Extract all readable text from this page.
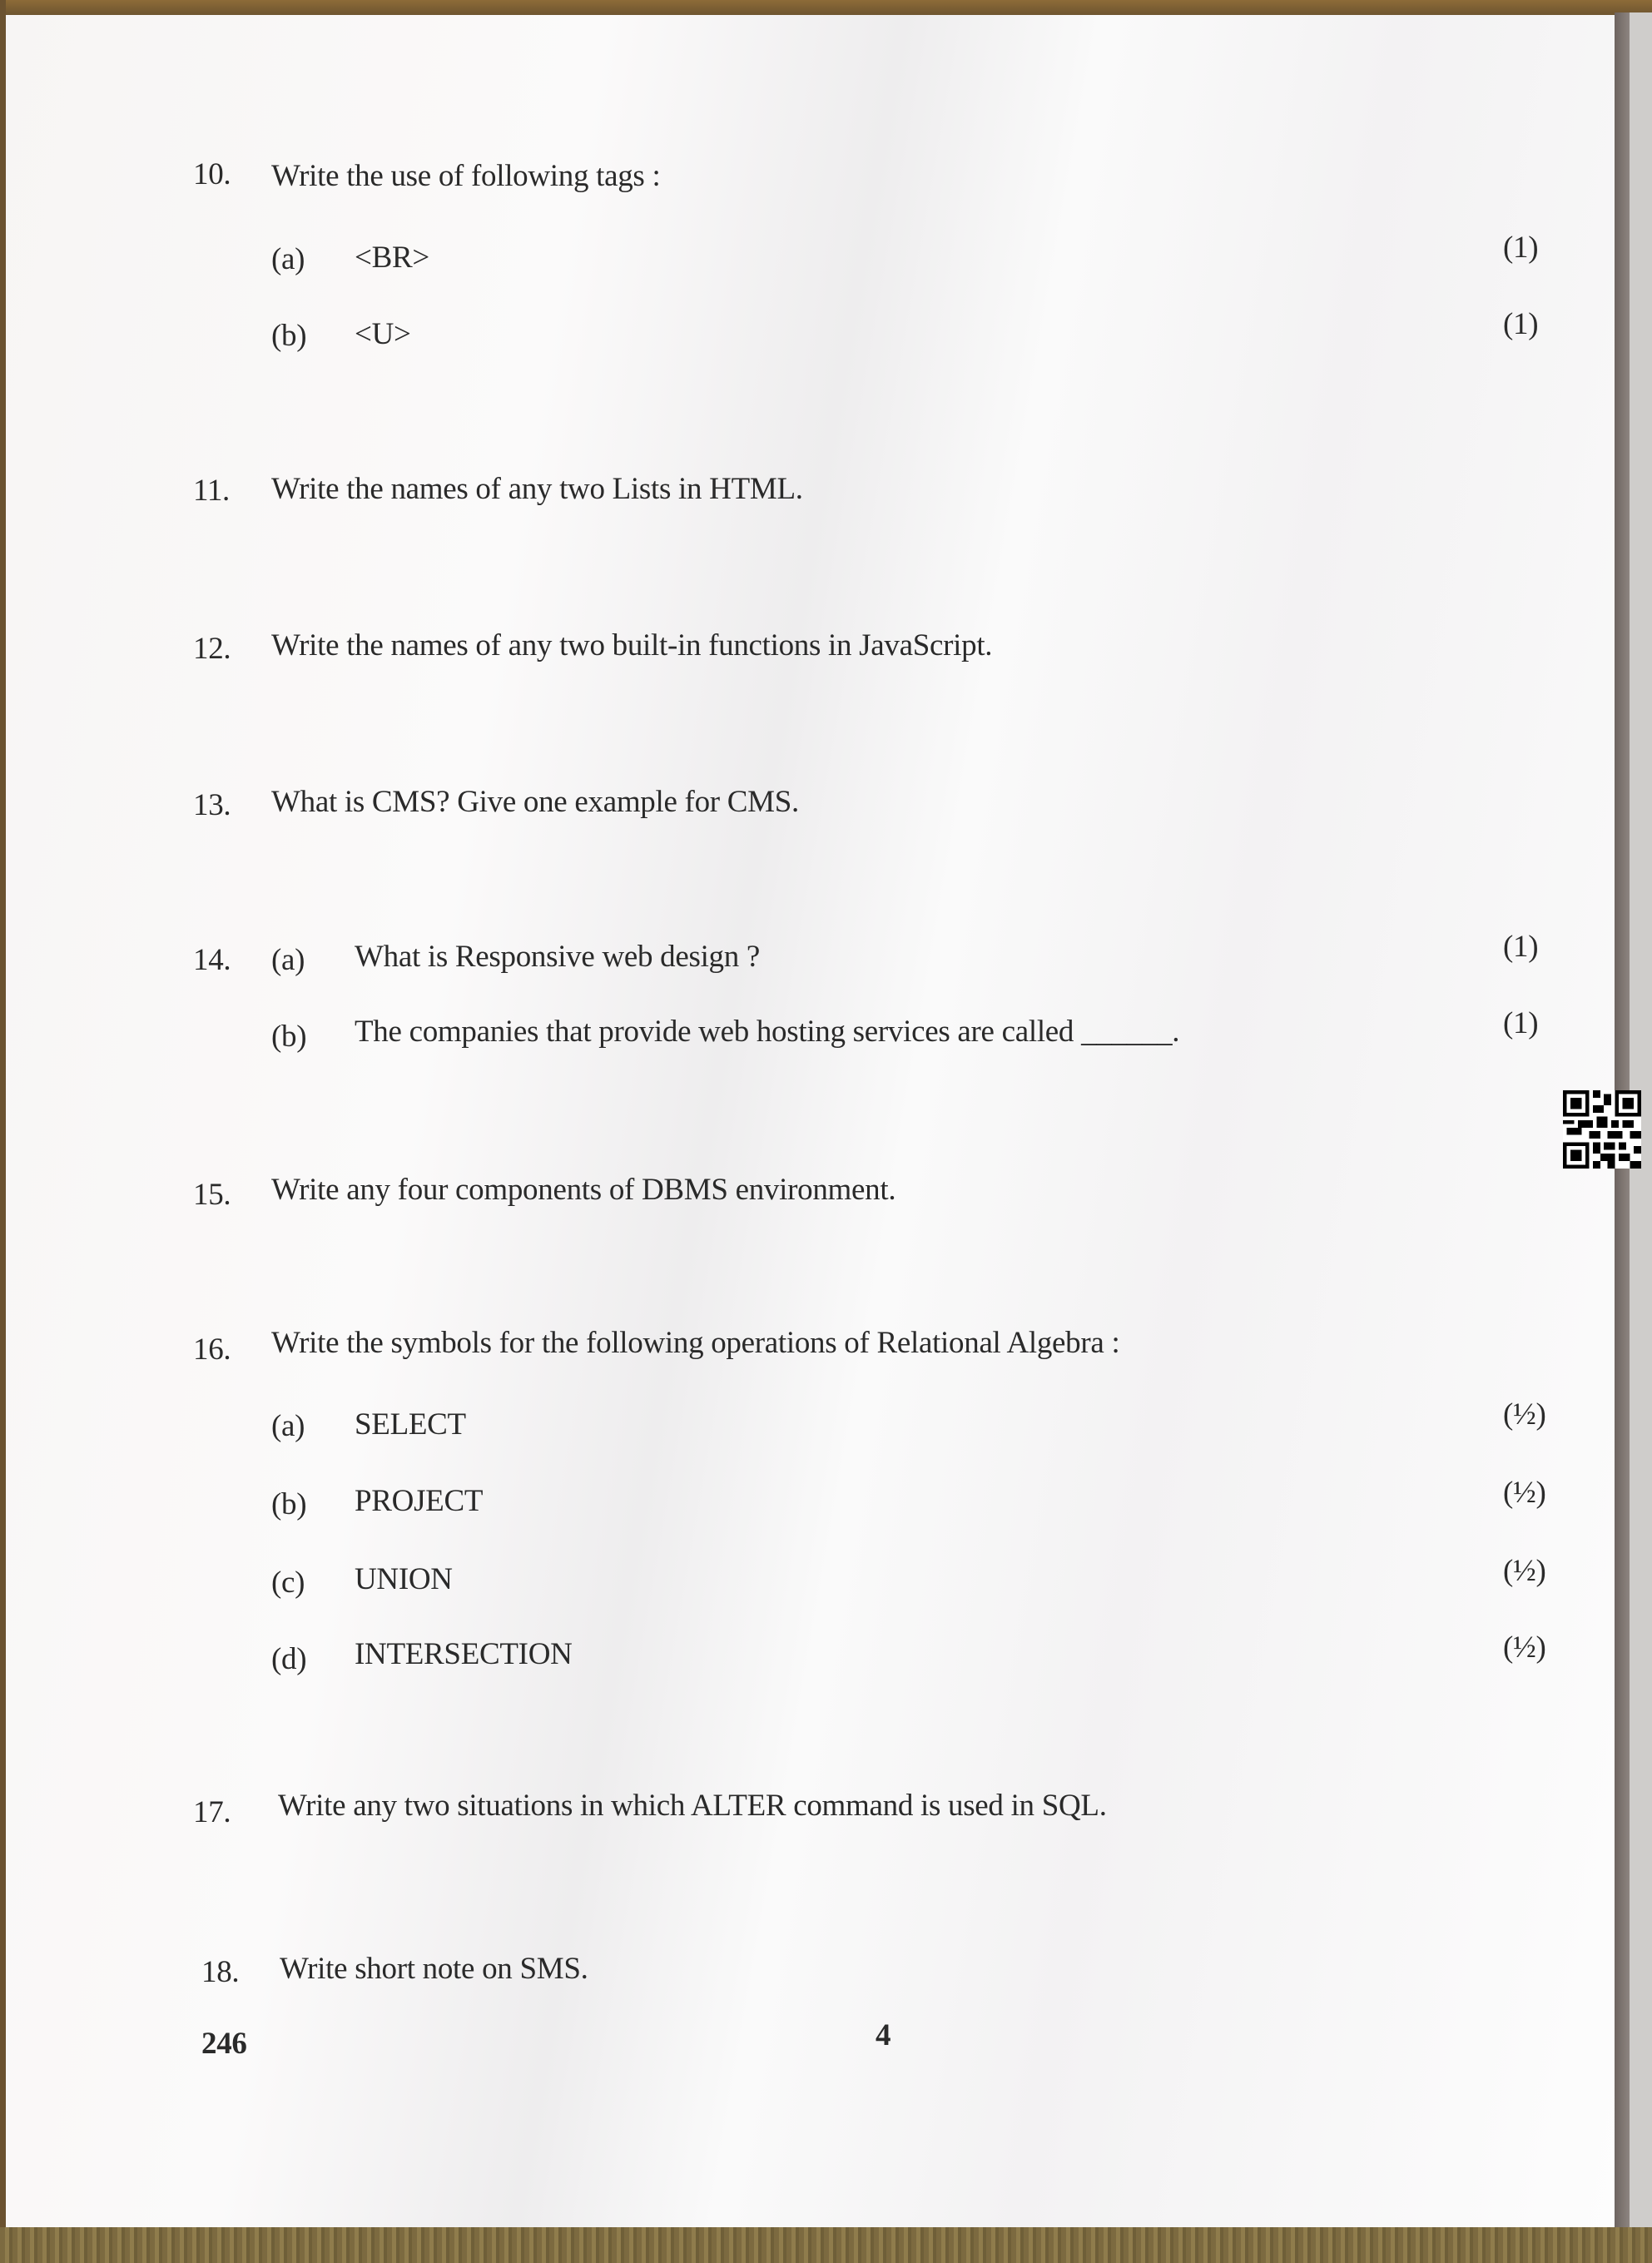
10. Write the use of following tags :
(a) <BR>	(1)
(b) <U>	(1)
11. Write the names of any two Lists in HTML.
12. Write the names of any two built-in functions in JavaScript.
13. What is CMS? Give one example for CMS.
14. (a) What is Responsive web design ?	(1)
(b) The companies that provide web hosting services are called ______.	(1)
15. Write any four components of DBMS environment.
16. Write the symbols for the following operations of Relational Algebra :
(a) SELECT	(½)
(b) PROJECT	(½)
(c) UNION	(½)
(d) INTERSECTION	(½)
17. Write any two situations in which ALTER command is used in SQL.
18. Write short note on SMS.
246	4
